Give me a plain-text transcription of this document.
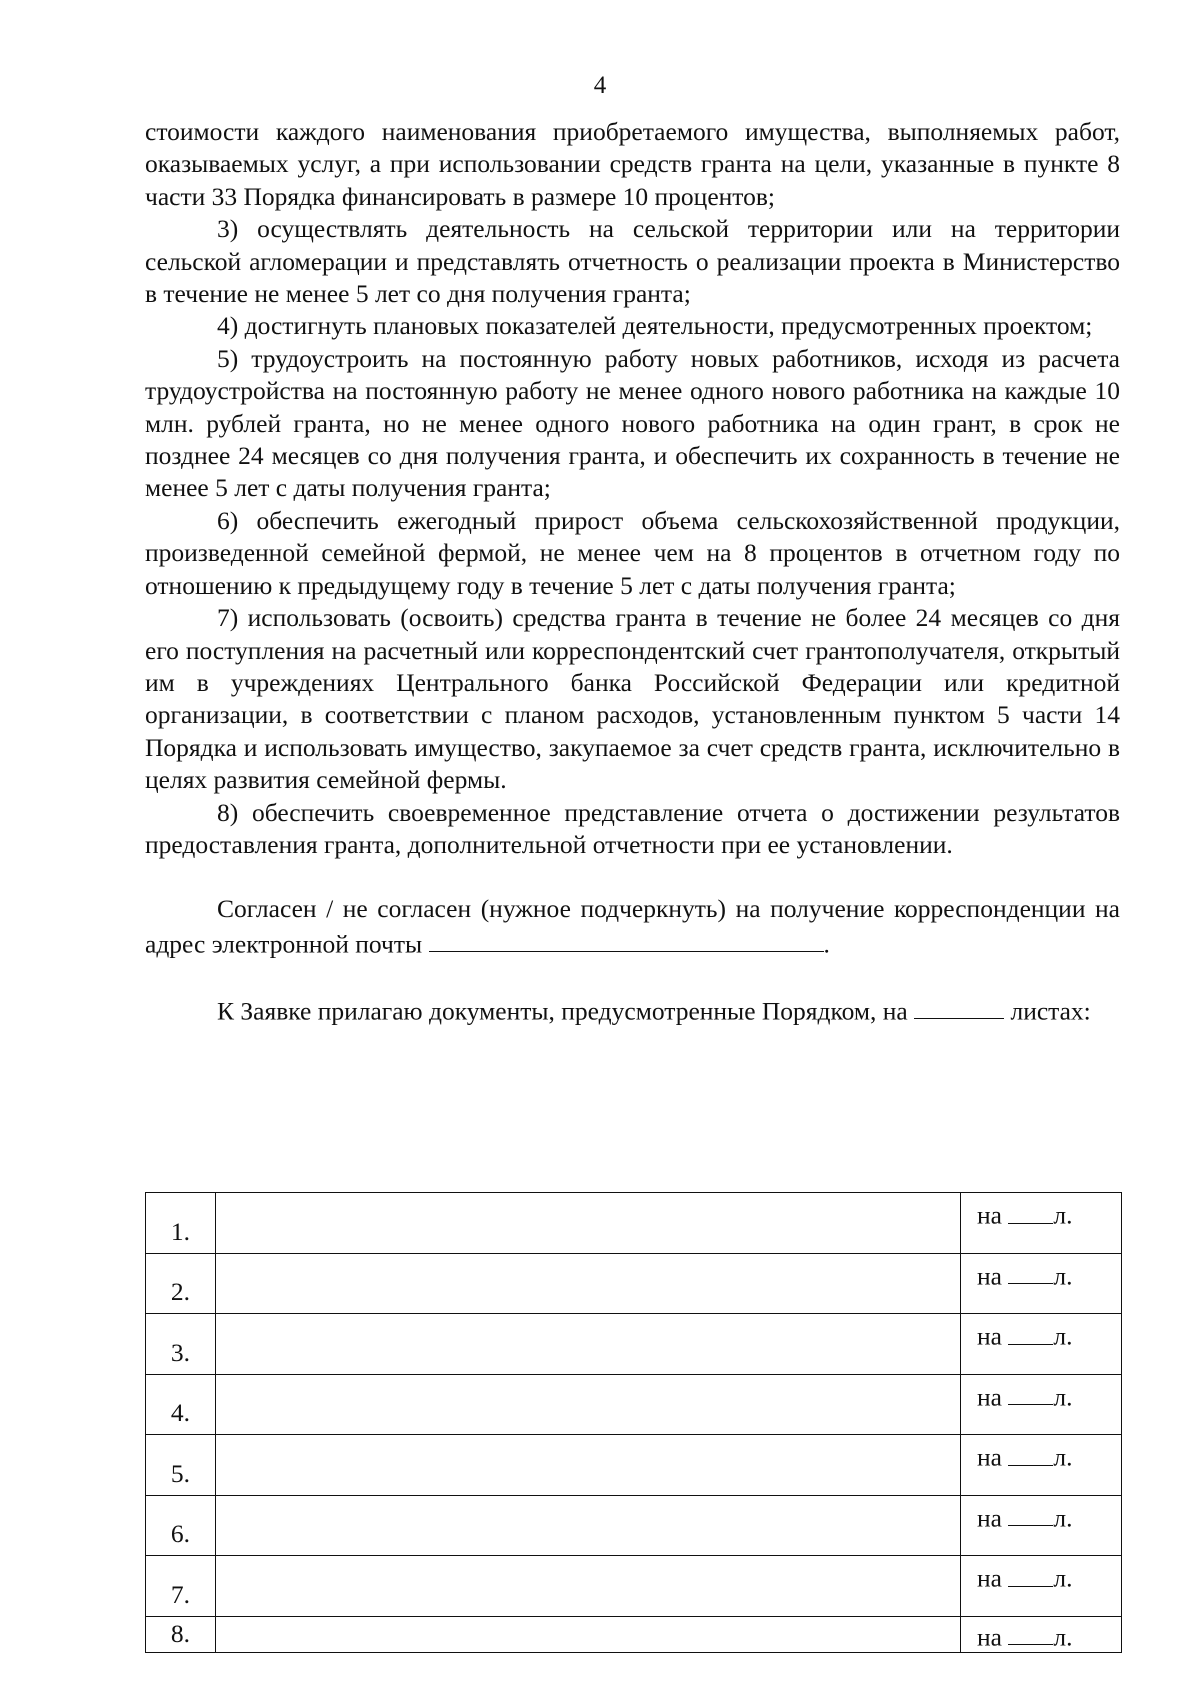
4

стоимости каждого наименования приобретаемого имущества, выполняемых работ, оказываемых услуг, а при использовании средств гранта на цели, указанные в пункте 8 части 33 Порядка финансировать в размере 10 процентов;

3) осуществлять деятельность на сельской территории или на территории сельской агломерации и представлять отчетность о реализации проекта в Министерство в течение не менее 5 лет со дня получения гранта;

4) достигнуть плановых показателей деятельности, предусмотренных проектом;

5) трудоустроить на постоянную работу новых работников, исходя из расчета трудоустройства на постоянную работу не менее одного нового работника на каждые 10 млн. рублей гранта, но не менее одного нового работника на один грант, в срок не позднее 24 месяцев со дня получения гранта, и обеспечить их сохранность в течение не менее 5 лет с даты получения гранта;

6) обеспечить ежегодный прирост объема сельскохозяйственной продукции, произведенной семейной фермой, не менее чем на 8 процентов в отчетном году по отношению к предыдущему году в течение 5 лет с даты получения гранта;

7) использовать (освоить) средства гранта в течение не более 24 месяцев со дня его поступления на расчетный или корреспондентский счет грантополучателя, открытый им в учреждениях Центрального банка Российской Федерации или кредитной организации, в соответствии с планом расходов, установленным пунктом 5 части 14 Порядка и использовать имущество, закупаемое за счет средств гранта, исключительно в целях развития семейной фермы.

8) обеспечить своевременное представление отчета о достижении результатов предоставления гранта, дополнительной отчетности при ее установлении.

Согласен / не согласен (нужное подчеркнуть) на получение корреспонденции на адрес электронной почты	.

К Заявке прилагаю документы, предусмотренные Порядком, на	листах:

1.		на л.
2.		на л.
3.		на л.
4.		на л.
5.		на л.
6.		на л.
7.		на л.
8.		на л.
